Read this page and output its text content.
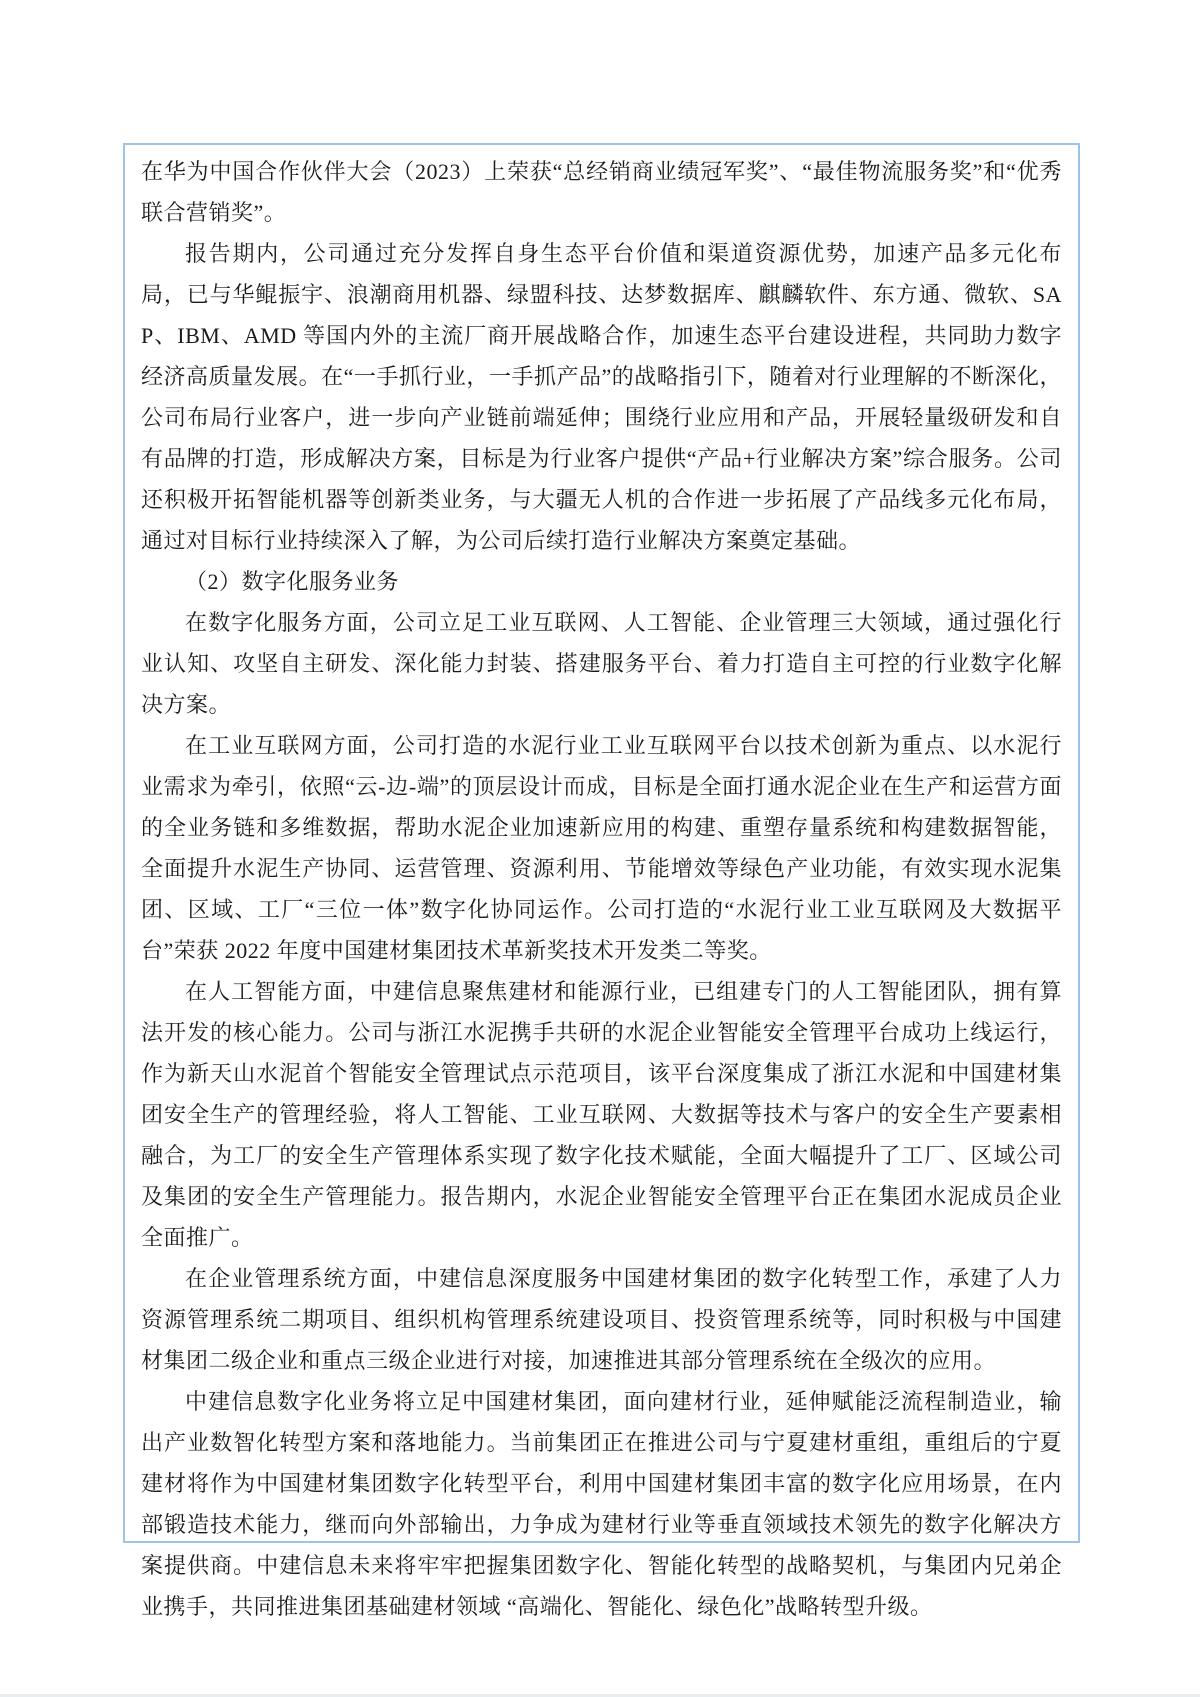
在华为中国合作伙伴大会（2023）上荣获“总经销商业绩冠军奖”、“最佳物流服务奖”和“优秀联合营销奖”。

报告期内，公司通过充分发挥自身生态平台价值和渠道资源优势，加速产品多元化布局，已与华鲲振宇、浪潮商用机器、绿盟科技、达梦数据库、麒麟软件、东方通、微软、SAP、IBM、AMD 等国内外的主流厂商开展战略合作，加速生态平台建设进程，共同助力数字经济高质量发展。在“一手抓行业，一手抓产品”的战略指引下，随着对行业理解的不断深化，公司布局行业客户，进一步向产业链前端延伸；围绕行业应用和产品，开展轻量级研发和自有品牌的打造，形成解决方案，目标是为行业客户提供“产品+行业解决方案”综合服务。公司还积极开拓智能机器等创新类业务，与大疆无人机的合作进一步拓展了产品线多元化布局，通过对目标行业持续深入了解，为公司后续打造行业解决方案奠定基础。

（2）数字化服务业务

在数字化服务方面，公司立足工业互联网、人工智能、企业管理三大领域，通过强化行业认知、攻坚自主研发、深化能力封装、搭建服务平台、着力打造自主可控的行业数字化解决方案。

在工业互联网方面，公司打造的水泥行业工业互联网平台以技术创新为重点、以水泥行业需求为牵引，依照“云-边-端”的顶层设计而成，目标是全面打通水泥企业在生产和运营方面的全业务链和多维数据，帮助水泥企业加速新应用的构建、重塑存量系统和构建数据智能，全面提升水泥生产协同、运营管理、资源利用、节能增效等绿色产业功能，有效实现水泥集团、区域、工厂“三位一体”数字化协同运作。公司打造的“水泥行业工业互联网及大数据平台”荣获 2022 年度中国建材集团技术革新奖技术开发类二等奖。

在人工智能方面，中建信息聚焦建材和能源行业，已组建专门的人工智能团队，拥有算法开发的核心能力。公司与浙江水泥携手共研的水泥企业智能安全管理平台成功上线运行，作为新天山水泥首个智能安全管理试点示范项目，该平台深度集成了浙江水泥和中国建材集团安全生产的管理经验，将人工智能、工业互联网、大数据等技术与客户的安全生产要素相融合，为工厂的安全生产管理体系实现了数字化技术赋能，全面大幅提升了工厂、区域公司及集团的安全生产管理能力。报告期内，水泥企业智能安全管理平台正在集团水泥成员企业全面推广。

在企业管理系统方面，中建信息深度服务中国建材集团的数字化转型工作，承建了人力资源管理系统二期项目、组织机构管理系统建设项目、投资管理系统等，同时积极与中国建材集团二级企业和重点三级企业进行对接，加速推进其部分管理系统在全级次的应用。

中建信息数字化业务将立足中国建材集团，面向建材行业，延伸赋能泛流程制造业，输出产业数智化转型方案和落地能力。当前集团正在推进公司与宁夏建材重组，重组后的宁夏建材将作为中国建材集团数字化转型平台，利用中国建材集团丰富的数字化应用场景，在内部锻造技术能力，继而向外部输出，力争成为建材行业等垂直领域技术领先的数字化解决方案提供商。中建信息未来将牢牢把握集团数字化、智能化转型的战略契机，与集团内兄弟企业携手，共同推进集团基础建材领域 “高端化、智能化、绿色化”战略转型升级。
